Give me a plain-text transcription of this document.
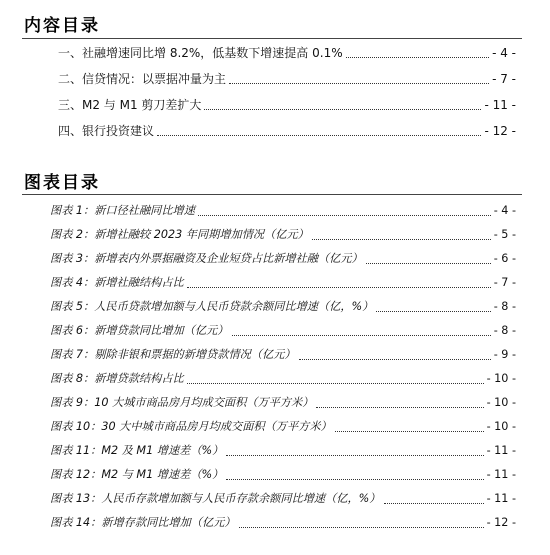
内容目录
一、社融增速同比增 8.2%，低基数下增速提高 0.1%	- 4 -
二、信贷情况：以票据冲量为主	- 7 -
三、M2 与 M1 剪刀差扩大	- 11 -
四、银行投资建议	- 12 -
图表目录
图表 1：新口径社融同比增速	- 4 -
图表 2：新增社融较 2023 年同期增加情况（亿元）	- 5 -
图表 3：新增表内外票据融资及企业短贷占比新增社融（亿元）	- 6 -
图表 4：新增社融结构占比	- 7 -
图表 5：人民币贷款增加额与人民币贷款余额同比增速（亿，%）	- 8 -
图表 6：新增贷款同比增加（亿元）	- 8 -
图表 7：剔除非银和票据的新增贷款情况（亿元）	- 9 -
图表 8：新增贷款结构占比	- 10 -
图表 9：10 大城市商品房月均成交面积（万平方米）	- 10 -
图表 10：30 大中城市商品房月均成交面积（万平方米）	- 10 -
图表 11：M2 及 M1 增速差（%）	- 11 -
图表 12：M2 与 M1 增速差（%）	- 11 -
图表 13：人民币存款增加额与人民币存款余额同比增速（亿，%）	- 11 -
图表 14：新增存款同比增加（亿元）	- 12 -
